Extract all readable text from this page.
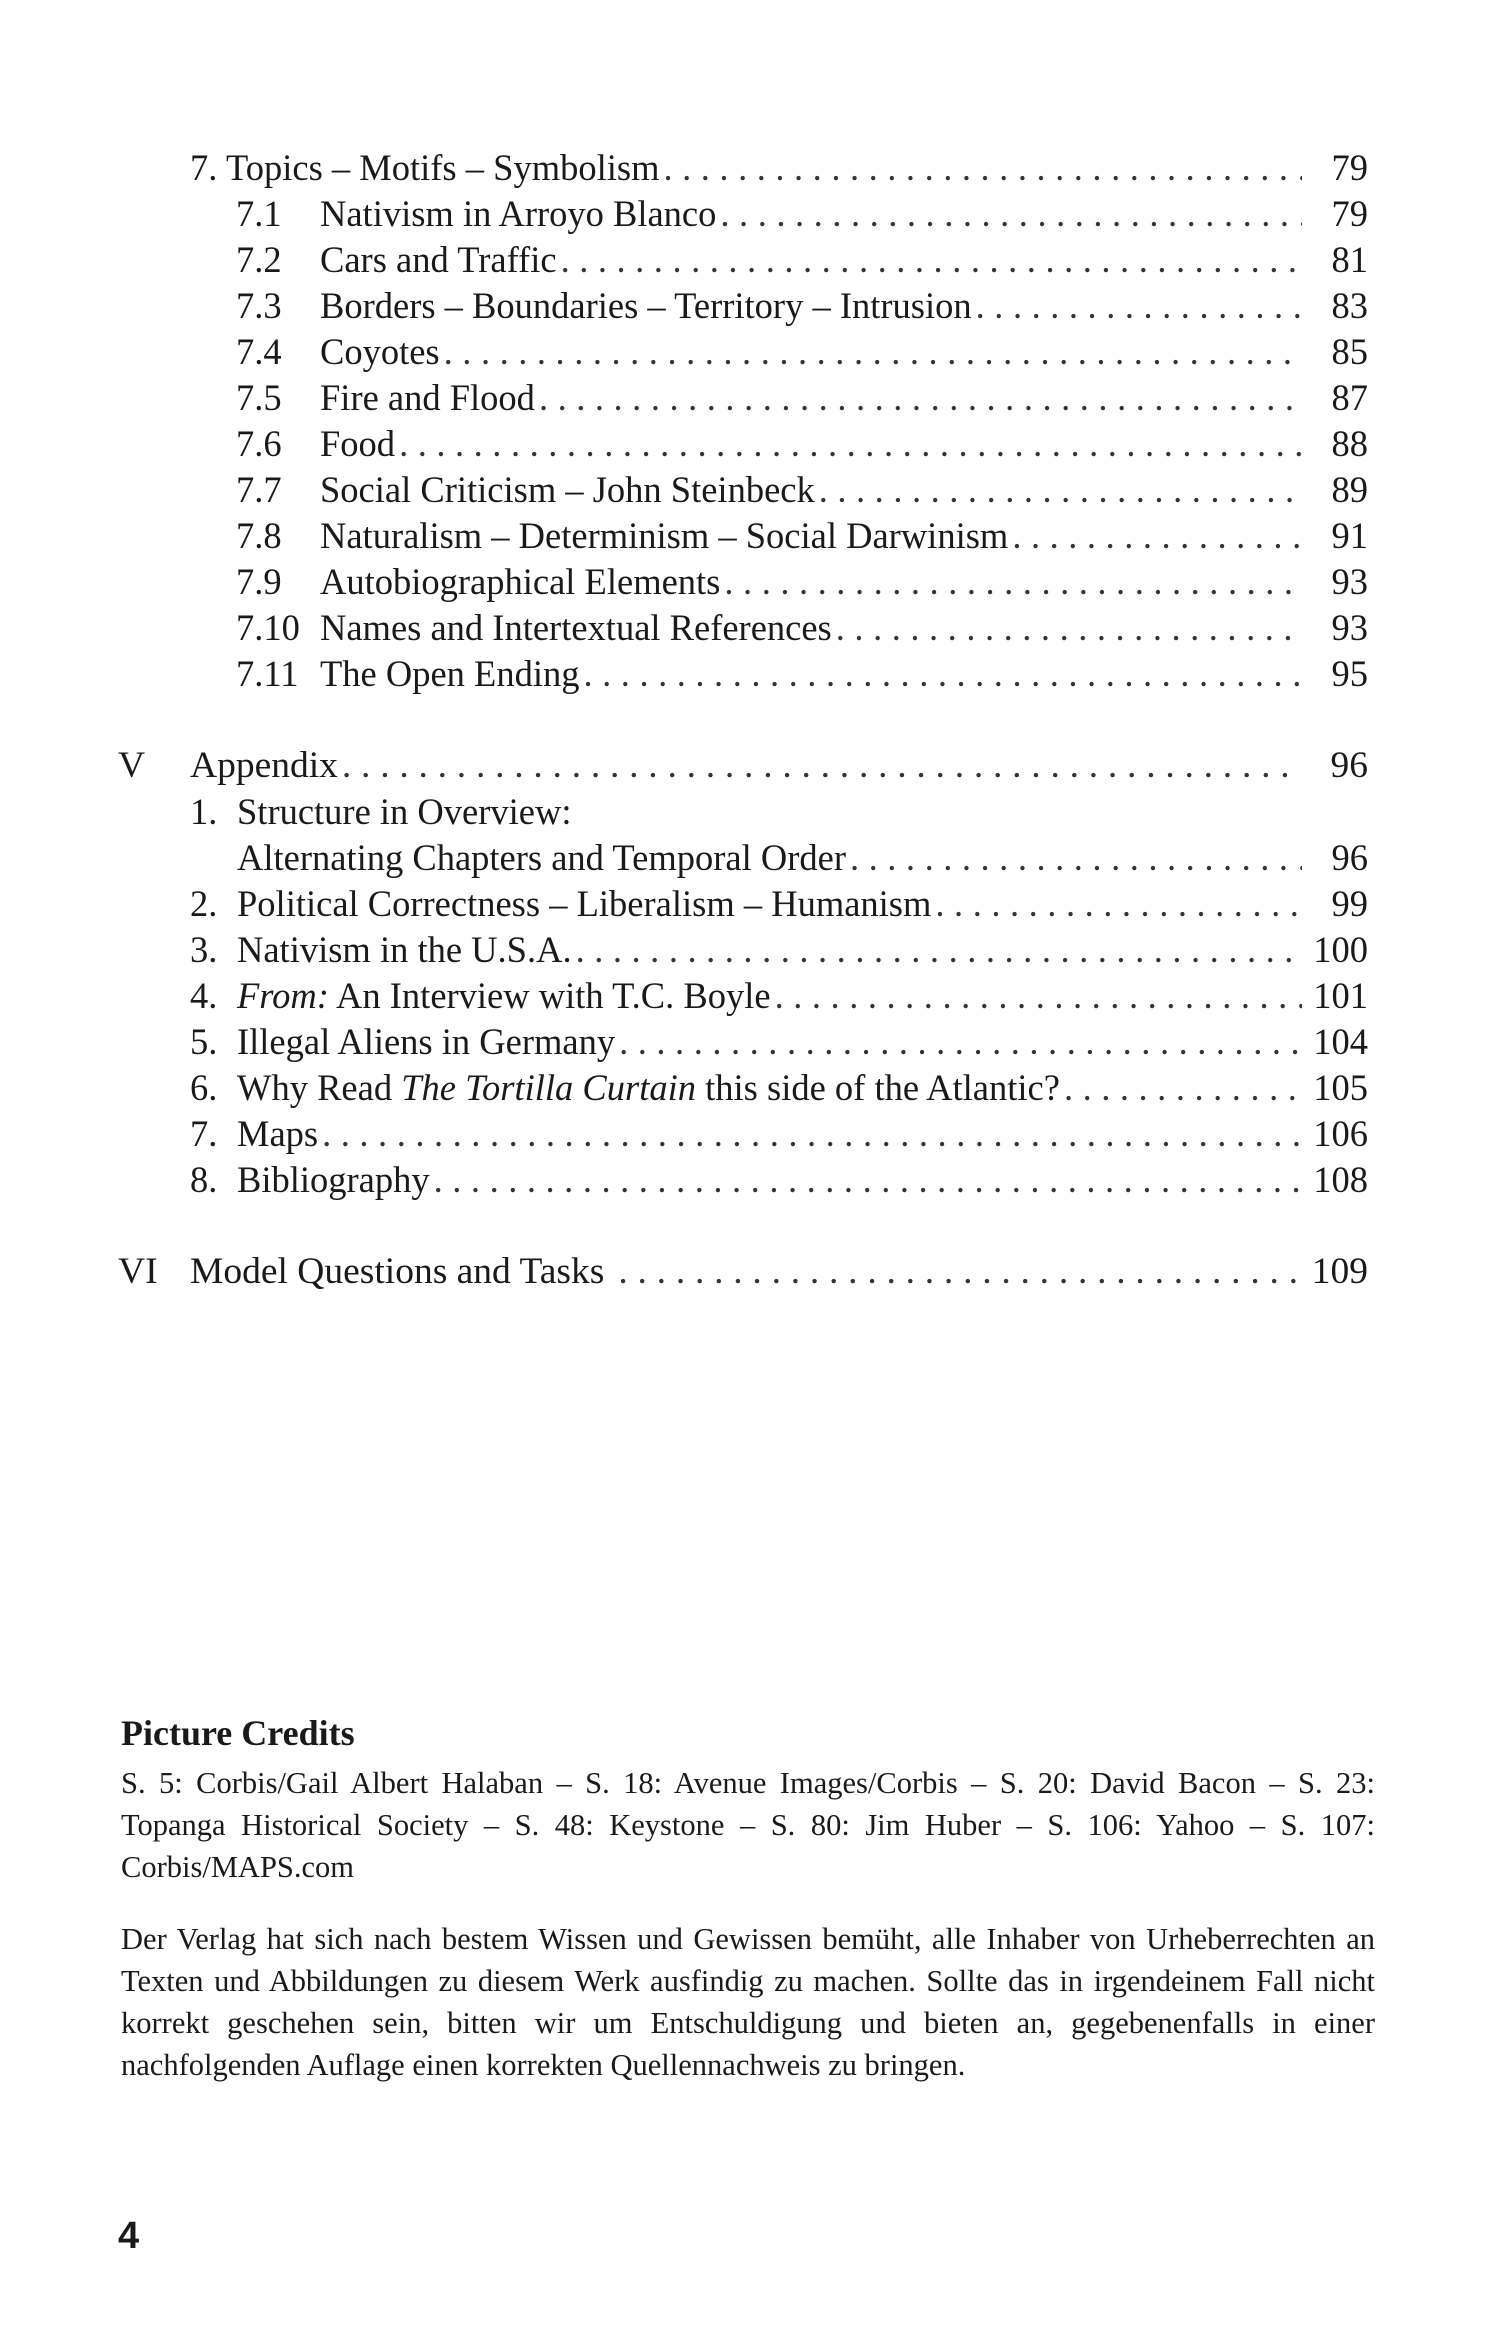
7. Topics – Motifs – Symbolism . . .	79
7.1	Nativism in Arroyo Blanco . . .	79
7.2	Cars and Traffic . . .	81
7.3	Borders – Boundaries – Territory – Intrusion . . .	83
7.4	Coyotes . . .	85
7.5	Fire and Flood . . .	87
7.6	Food . . .	88
7.7	Social Criticism – John Steinbeck . . .	89
7.8	Naturalism – Determinism – Social Darwinism . . .	91
7.9	Autobiographical Elements . . .	93
7.10 Names and Intertextual References . . .	93
7.11 The Open Ending . . .	95
V	Appendix . . .	96
1. Structure in Overview:
Alternating Chapters and Temporal Order . . .	96
2. Political Correctness – Liberalism – Humanism . . .	99
3. Nativism in the U.S.A. . . .	100
4. From: An Interview with T.C. Boyle . . .	101
5. Illegal Aliens in Germany . . .	104
6. Why Read The Tortilla Curtain this side of the Atlantic? . . .	105
7. Maps . . .	106
8. Bibliography . . .	108
VI Model Questions and Tasks . . .	109
Picture Credits
S. 5: Corbis/Gail Albert Halaban – S. 18: Avenue Images/Corbis – S. 20: David Bacon – S. 23: Topanga Historical Society – S. 48: Keystone – S. 80: Jim Huber – S. 106: Yahoo – S. 107: Corbis/MAPS.com
Der Verlag hat sich nach bestem Wissen und Gewissen bemüht, alle Inhaber von Urheberrechten an Texten und Abbildungen zu diesem Werk ausfindig zu machen. Sollte das in irgendeinem Fall nicht korrekt geschehen sein, bitten wir um Entschuldigung und bieten an, gegebenenfalls in einer nachfolgenden Auflage einen korrekten Quellennachweis zu bringen.
4
